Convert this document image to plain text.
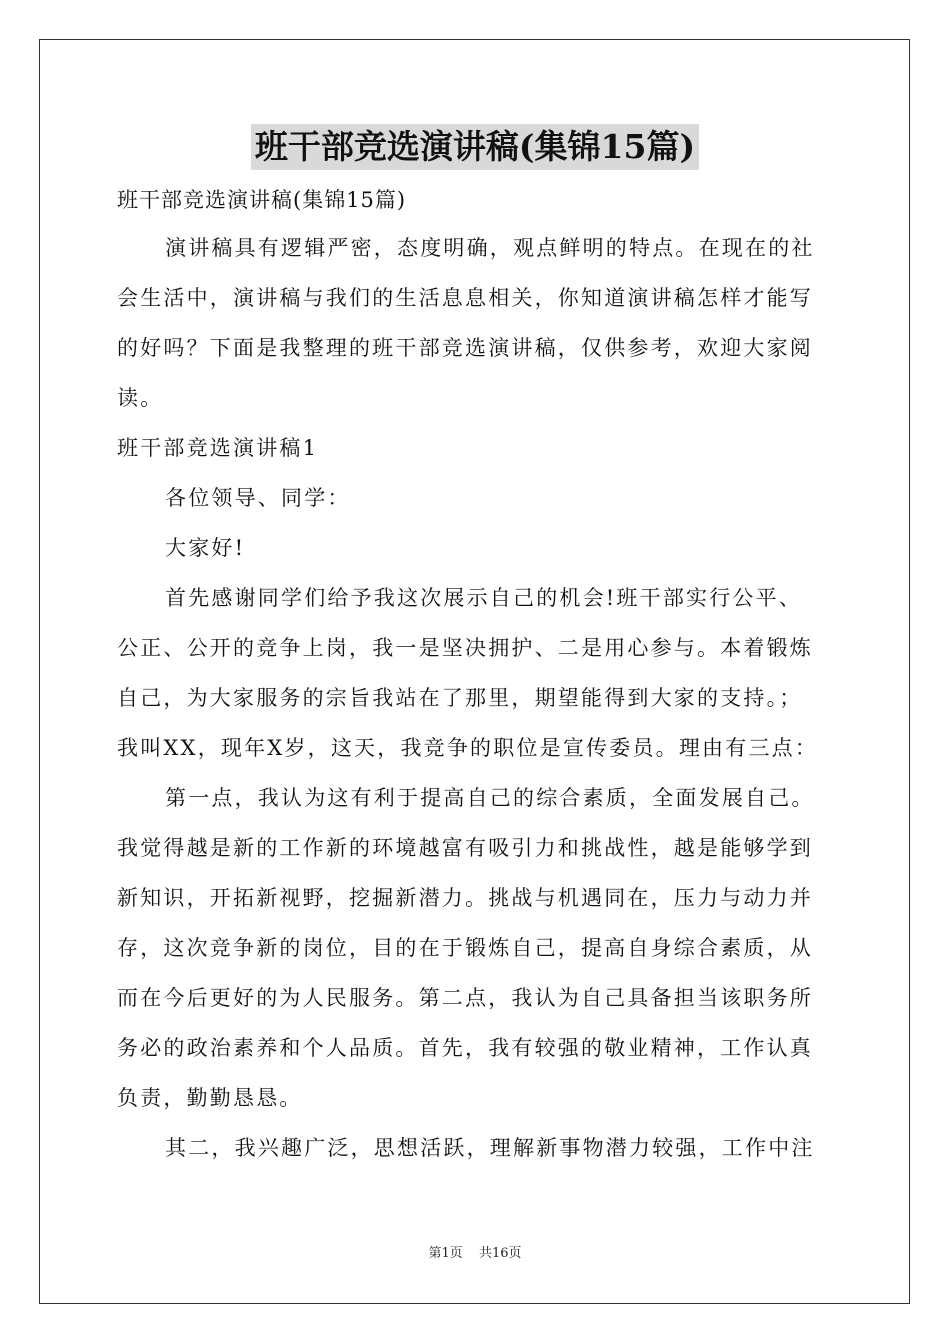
班干部竞选演讲稿(集锦15篇)
班干部竞选演讲稿(集锦15篇)
演讲稿具有逻辑严密，态度明确，观点鲜明的特点。在现在的社
会生活中，演讲稿与我们的生活息息相关，你知道演讲稿怎样才能写
的好吗？下面是我整理的班干部竞选演讲稿，仅供参考，欢迎大家阅
读。
班干部竞选演讲稿1
各位领导、同学：
大家好!
首先感谢同学们给予我这次展示自己的机会!班干部实行公平、
公正、公开的竞争上岗，我一是坚决拥护、二是用心参与。本着锻炼
自己，为大家服务的宗旨我站在了那里，期望能得到大家的支持。；
我叫XX，现年X岁，这天，我竞争的职位是宣传委员。理由有三点：
第一点，我认为这有利于提高自己的综合素质，全面发展自己。
我觉得越是新的工作新的环境越富有吸引力和挑战性，越是能够学到
新知识，开拓新视野，挖掘新潜力。挑战与机遇同在，压力与动力并
存，这次竞争新的岗位，目的在于锻炼自己，提高自身综合素质，从
而在今后更好的为人民服务。第二点，我认为自己具备担当该职务所
务必的政治素养和个人品质。首先，我有较强的敬业精神，工作认真
负责，勤勤恳恳。
其二，我兴趣广泛，思想活跃，理解新事物潜力较强，工作中注
第1页 共16页
